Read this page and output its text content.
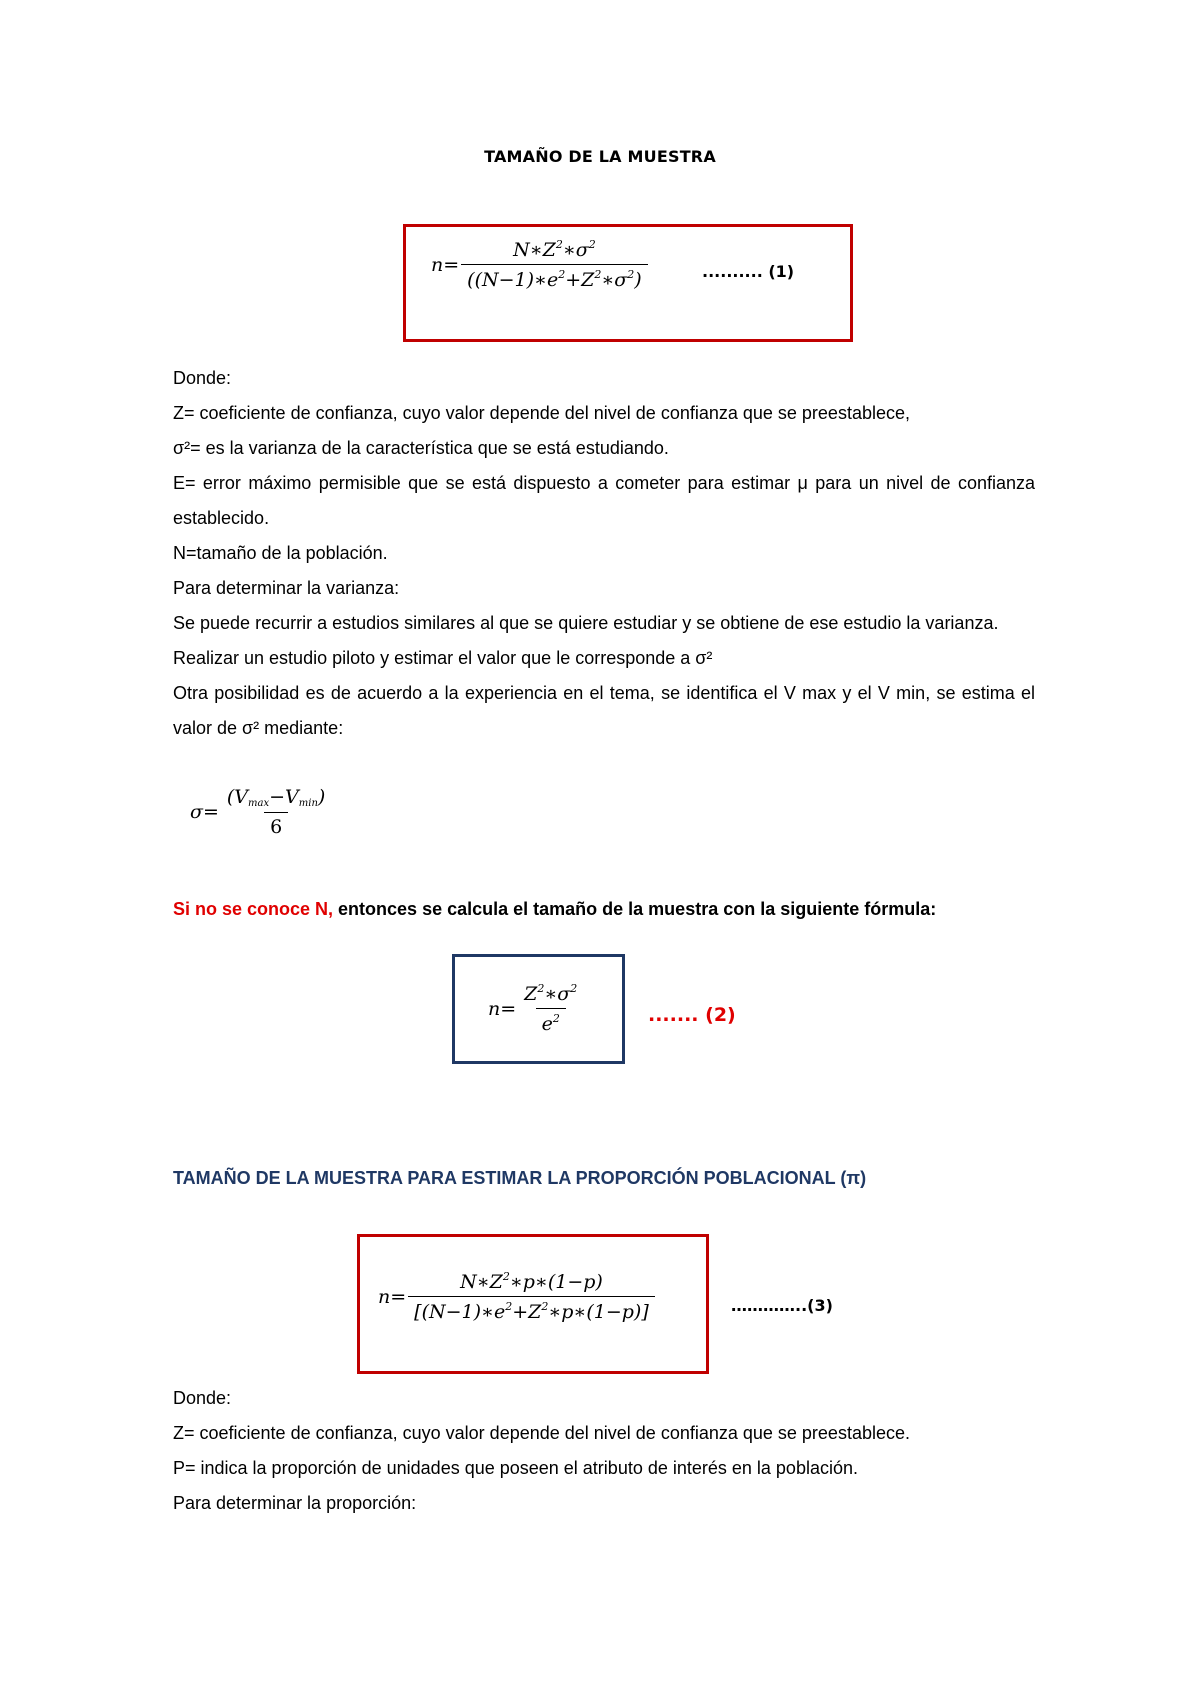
TAMAÑO DE LA MUESTRA
$n= \frac{N∗Z^2∗\sigma^2}{((N-1)∗e^2+Z^2∗\sigma^2)}$	.......... (1)

Donde:

Z= coeficiente de confianza, cuyo valor depende del nivel de confianza que se preestablece,

σ²= es la varianza de la característica que se está estudiando.

E= error máximo permisible que se está dispuesto a cometer para estimar μ para un nivel de confianza establecido.

N=tamaño de la población.

Para determinar la varianza:

Se puede recurrir a estudios similares al que se quiere estudiar y se obtiene de ese estudio la varianza.

Realizar un estudio piloto y estimar el valor que le corresponde a σ²

Otra posibilidad es de acuerdo a la experiencia en el tema, se identifica el V max y el V min, se estima el valor de σ² mediante:

$\sigma= \frac{(V_{max}-V_{min})}{6}$
Si no se conoce N, entonces se calcula el tamaño de la muestra con la siguiente fórmula:
$n= \frac{Z^2∗\sigma^2}{e^2}$	....... (2)
TAMAÑO DE LA MUESTRA PARA ESTIMAR LA PROPORCIÓN POBLACIONAL (π)
$n= \frac{N∗Z^2∗p∗(1-p)}{[(N-1)∗e^2+Z^2∗p∗(1-p)]}$	…………..(3)

Donde:

Z= coeficiente de confianza, cuyo valor depende del nivel de confianza que se preestablece.

P= indica la proporción de unidades que poseen el atributo de interés en la población.

Para determinar la proporción:
